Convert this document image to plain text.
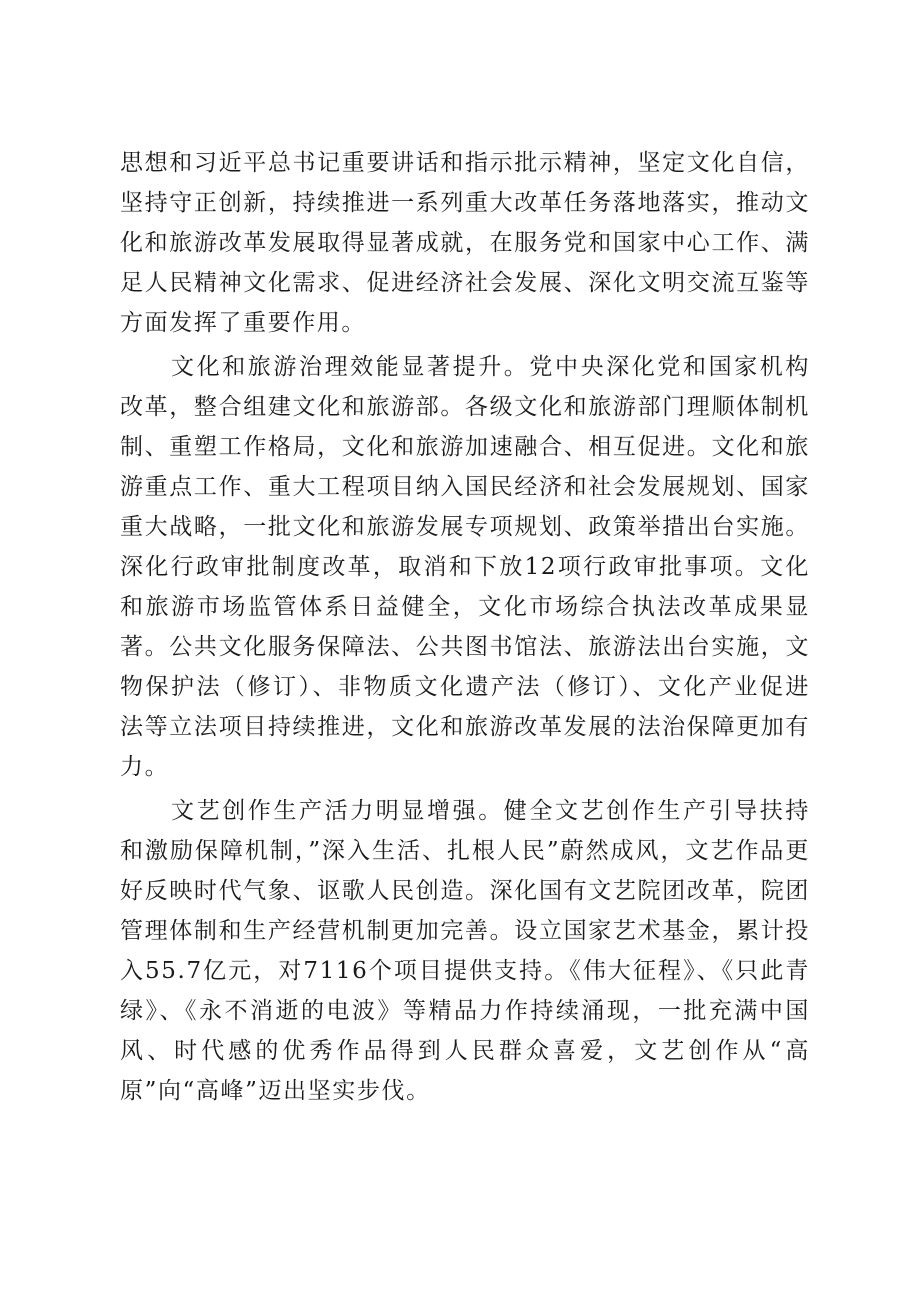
思想和习近平总书记重要讲话和指示批示精神，坚定文化自信，坚持守正创新，持续推进一系列重大改革任务落地落实，推动文化和旅游改革发展取得显著成就，在服务党和国家中心工作、满足人民精神文化需求、促进经济社会发展、深化文明交流互鉴等方面发挥了重要作用。

文化和旅游治理效能显著提升。党中央深化党和国家机构改革，整合组建文化和旅游部。各级文化和旅游部门理顺体制机制、重塑工作格局，文化和旅游加速融合、相互促进。文化和旅游重点工作、重大工程项目纳入国民经济和社会发展规划、国家重大战略，一批文化和旅游发展专项规划、政策举措出台实施。深化行政审批制度改革，取消和下放12项行政审批事项。文化和旅游市场监管体系日益健全，文化市场综合执法改革成果显著。公共文化服务保障法、公共图书馆法、旅游法出台实施，文物保护法（修订）、非物质文化遗产法（修订）、文化产业促进法等立法项目持续推进，文化和旅游改革发展的法治保障更加有力。

文艺创作生产活力明显增强。健全文艺创作生产引导扶持和激励保障机制，”深入生活、扎根人民”蔚然成风，文艺作品更好反映时代气象、讴歌人民创造。深化国有文艺院团改革，院团管理体制和生产经营机制更加完善。设立国家艺术基金，累计投入55.7亿元，对7116个项目提供支持。《伟大征程》、《只此青绿》、《永不消逝的电波》等精品力作持续涌现，一批充满中国风、时代感的优秀作品得到人民群众喜爱，文艺创作从“高原”向“高峰”迈出坚实步伐。
